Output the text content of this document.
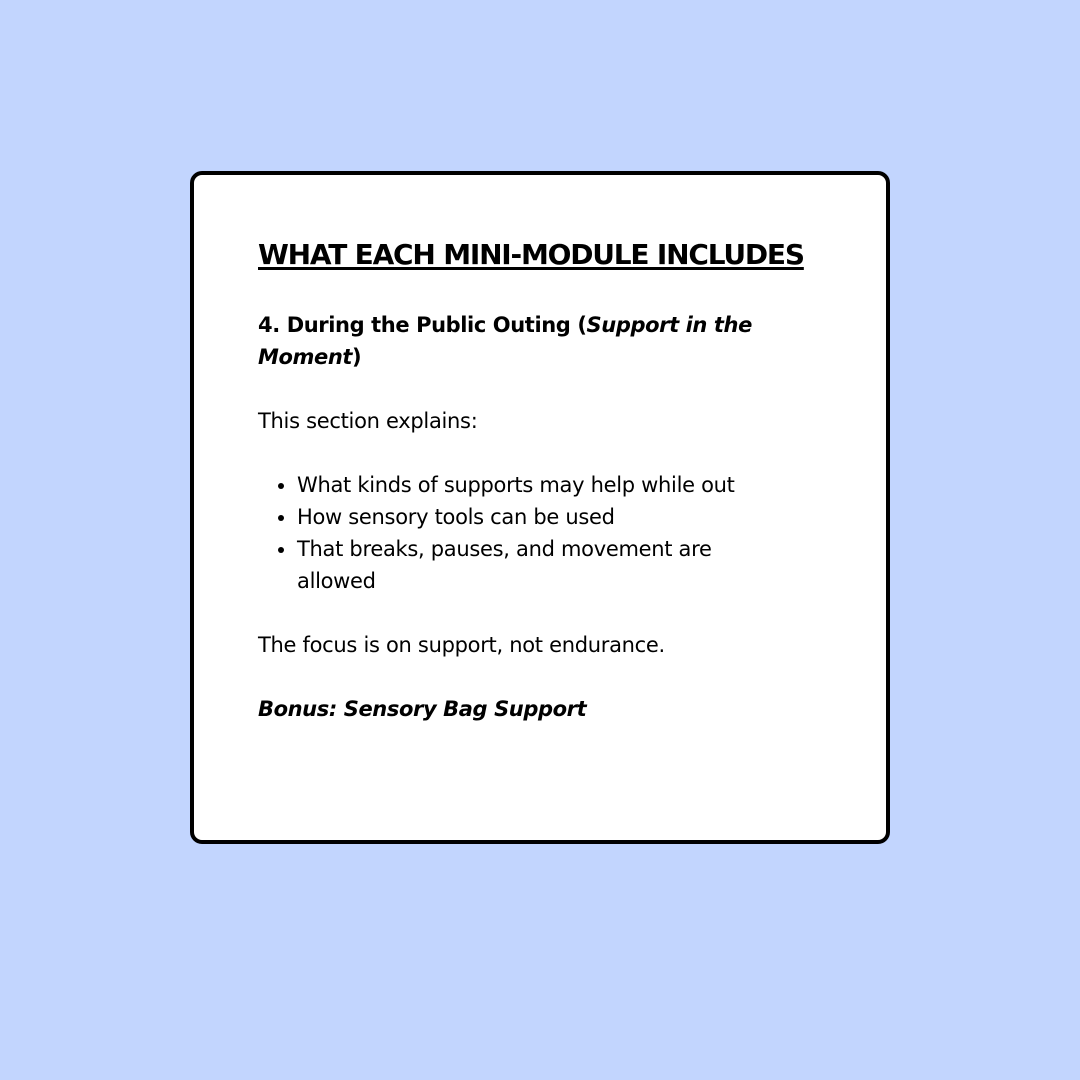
WHAT EACH MINI-MODULE INCLUDES

4. During the Public Outing (Support in the Moment)

This section explains:

• What kinds of supports may help while out
• How sensory tools can be used
• That breaks, pauses, and movement are allowed

The focus is on support, not endurance.

Bonus: Sensory Bag Support
